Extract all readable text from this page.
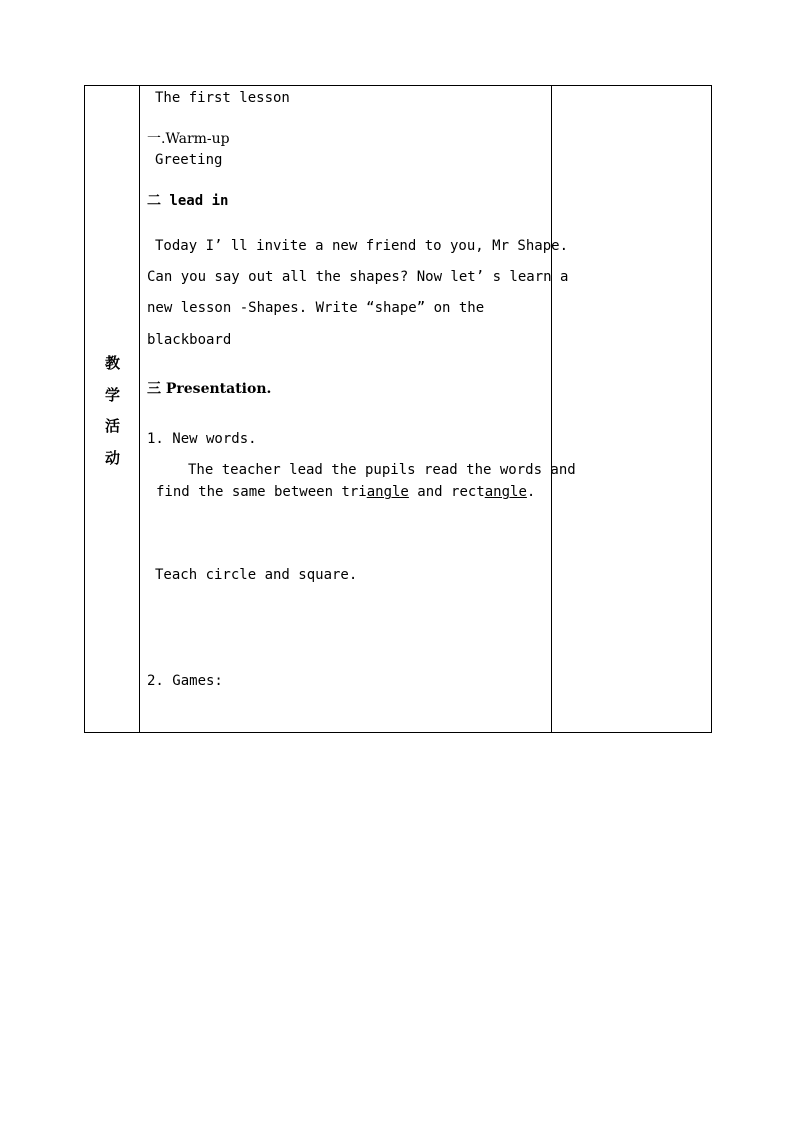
教
学
活
动
The first lesson
一.Warm-up
Greeting
二 lead in
Today I’ ll invite a new friend to you, Mr Shape.
Can you say out all the shapes? Now let’ s learn a
new lesson -Shapes. Write “shape” on the
blackboard
三 Presentation.
1. New words.
The teacher lead the pupils read the words and
find the same between triangle and rectangle.
Teach circle and square.
2. Games:
